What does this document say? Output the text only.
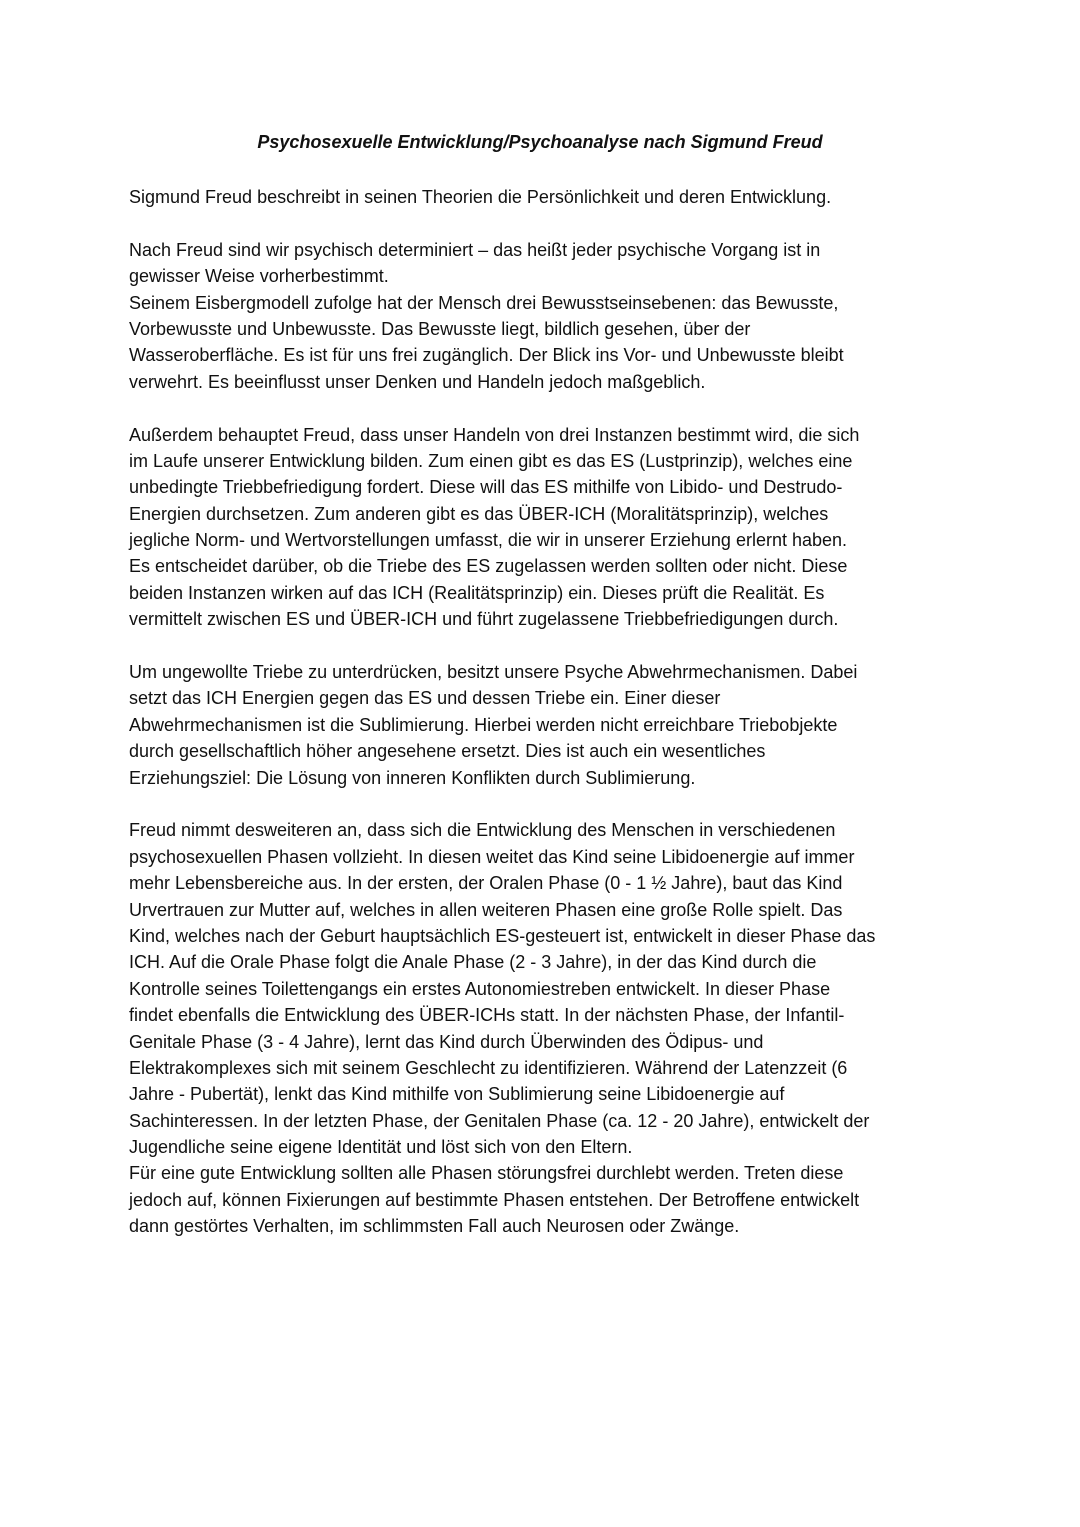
Psychosexuelle Entwicklung/Psychoanalyse nach Sigmund Freud
Sigmund Freud beschreibt in seinen Theorien die Persönlichkeit und deren Entwicklung.
Nach Freud sind wir psychisch determiniert – das heißt jeder psychische Vorgang ist in
gewisser Weise vorherbestimmt.
Seinem Eisbergmodell zufolge hat der Mensch drei Bewusstseinsebenen: das Bewusste,
Vorbewusste und Unbewusste. Das Bewusste liegt, bildlich gesehen, über der
Wasseroberfläche. Es ist für uns frei zugänglich. Der Blick ins Vor- und Unbewusste bleibt
verwehrt. Es beeinflusst unser Denken und Handeln jedoch maßgeblich.
Außerdem behauptet Freud, dass unser Handeln von drei Instanzen bestimmt wird, die sich
im Laufe unserer Entwicklung bilden. Zum einen gibt es das ES (Lustprinzip), welches eine
unbedingte Triebbefriedigung fordert. Diese will das ES mithilfe von Libido- und Destrudo-
Energien durchsetzen. Zum anderen gibt es das ÜBER-ICH (Moralitätsprinzip), welches
jegliche Norm- und Wertvorstellungen umfasst, die wir in unserer Erziehung erlernt haben.
Es entscheidet darüber, ob die Triebe des ES zugelassen werden sollten oder nicht. Diese
beiden Instanzen wirken auf das ICH (Realitätsprinzip) ein. Dieses prüft die Realität. Es
vermittelt zwischen ES und ÜBER-ICH und führt zugelassene Triebbefriedigungen durch.
Um ungewollte Triebe zu unterdrücken, besitzt unsere Psyche Abwehrmechanismen. Dabei
setzt das ICH Energien gegen das ES und dessen Triebe ein. Einer dieser
Abwehrmechanismen ist die Sublimierung. Hierbei werden nicht erreichbare Triebobjekte
durch gesellschaftlich höher angesehene ersetzt. Dies ist auch ein wesentliches
Erziehungsziel: Die Lösung von inneren Konflikten durch Sublimierung.
Freud nimmt desweiteren an, dass sich die Entwicklung des Menschen in verschiedenen
psychosexuellen Phasen vollzieht. In diesen weitet das Kind seine Libidoenergie auf immer
mehr Lebensbereiche aus. In der ersten, der Oralen Phase (0 - 1 ½ Jahre), baut das Kind
Urvertrauen zur Mutter auf, welches in allen weiteren Phasen eine große Rolle spielt. Das
Kind, welches nach der Geburt hauptsächlich ES-gesteuert ist, entwickelt in dieser Phase das
ICH. Auf die Orale Phase folgt die Anale Phase (2 - 3 Jahre), in der das Kind durch die
Kontrolle seines Toilettengangs ein erstes Autonomiestreben entwickelt. In dieser Phase
findet ebenfalls die Entwicklung des ÜBER-ICHs statt. In der nächsten Phase, der Infantil-
Genitale Phase (3 - 4 Jahre), lernt das Kind durch Überwinden des Ödipus- und
Elektrakomplexes sich mit seinem Geschlecht zu identifizieren. Während der Latenzzeit (6
Jahre - Pubertät), lenkt das Kind mithilfe von Sublimierung seine Libidoenergie auf
Sachinteressen. In der letzten Phase, der Genitalen Phase (ca. 12 - 20 Jahre), entwickelt der
Jugendliche seine eigene Identität und löst sich von den Eltern.
Für eine gute Entwicklung sollten alle Phasen störungsfrei durchlebt werden. Treten diese
jedoch auf, können Fixierungen auf bestimmte Phasen entstehen. Der Betroffene entwickelt
dann gestörtes Verhalten, im schlimmsten Fall auch Neurosen oder Zwänge.
